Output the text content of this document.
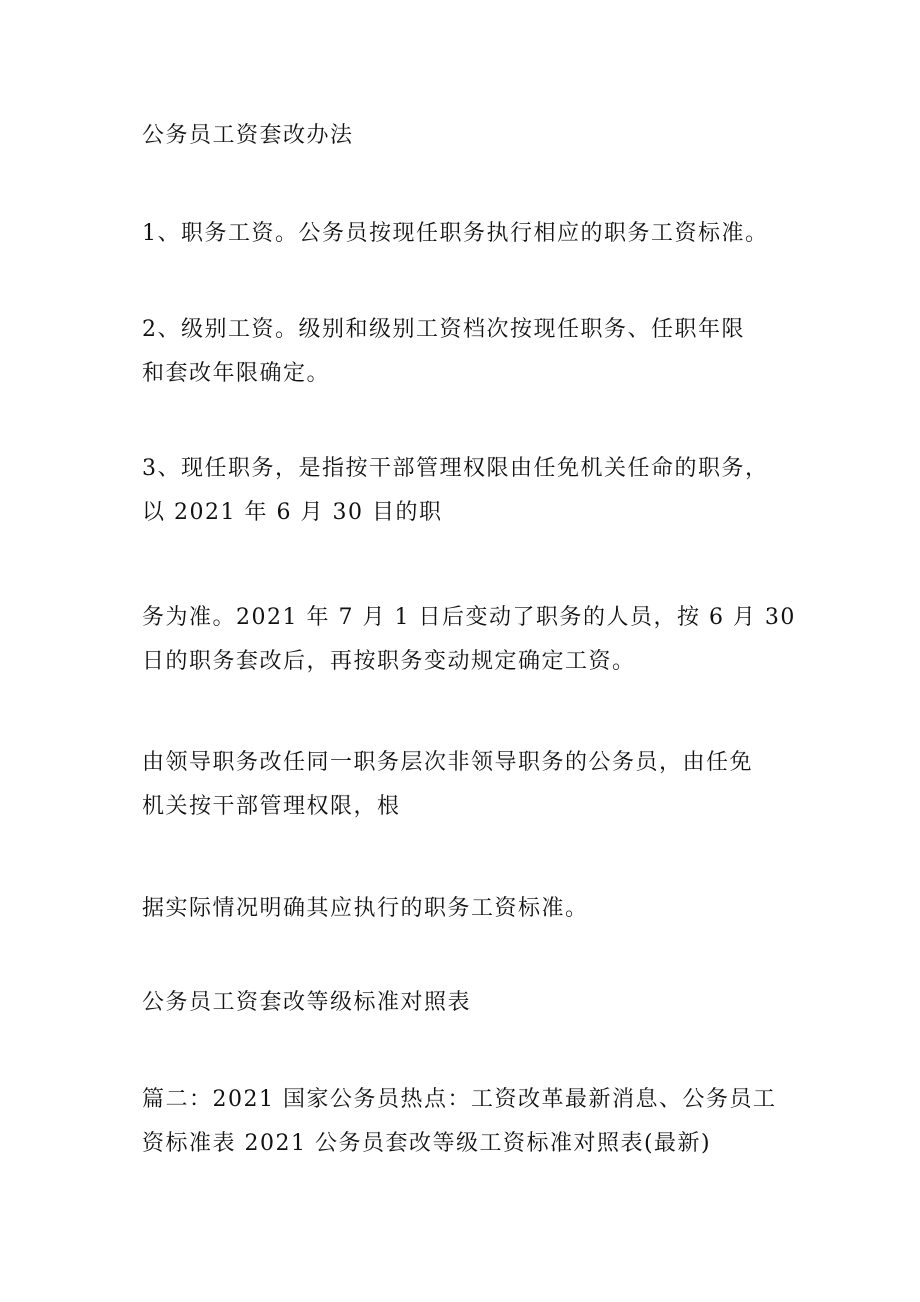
公务员工资套改办法

1、职务工资。公务员按现任职务执行相应的职务工资标准。

2、级别工资。级别和级别工资档次按现任职务、任职年限
和套改年限确定。

3、现任职务，是指按干部管理权限由任免机关任命的职务，
以 2021 年 6 月 30 目的职

务为准。2021 年 7 月 1 日后变动了职务的人员，按 6 月 30
日的职务套改后，再按职务变动规定确定工资。

由领导职务改任同一职务层次非领导职务的公务员，由任免
机关按干部管理权限，根

据实际情况明确其应执行的职务工资标准。

公务员工资套改等级标准对照表

篇二：2021 国家公务员热点：工资改革最新消息、公务员工
资标准表 2021 公务员套改等级工资标准对照表(最新)
